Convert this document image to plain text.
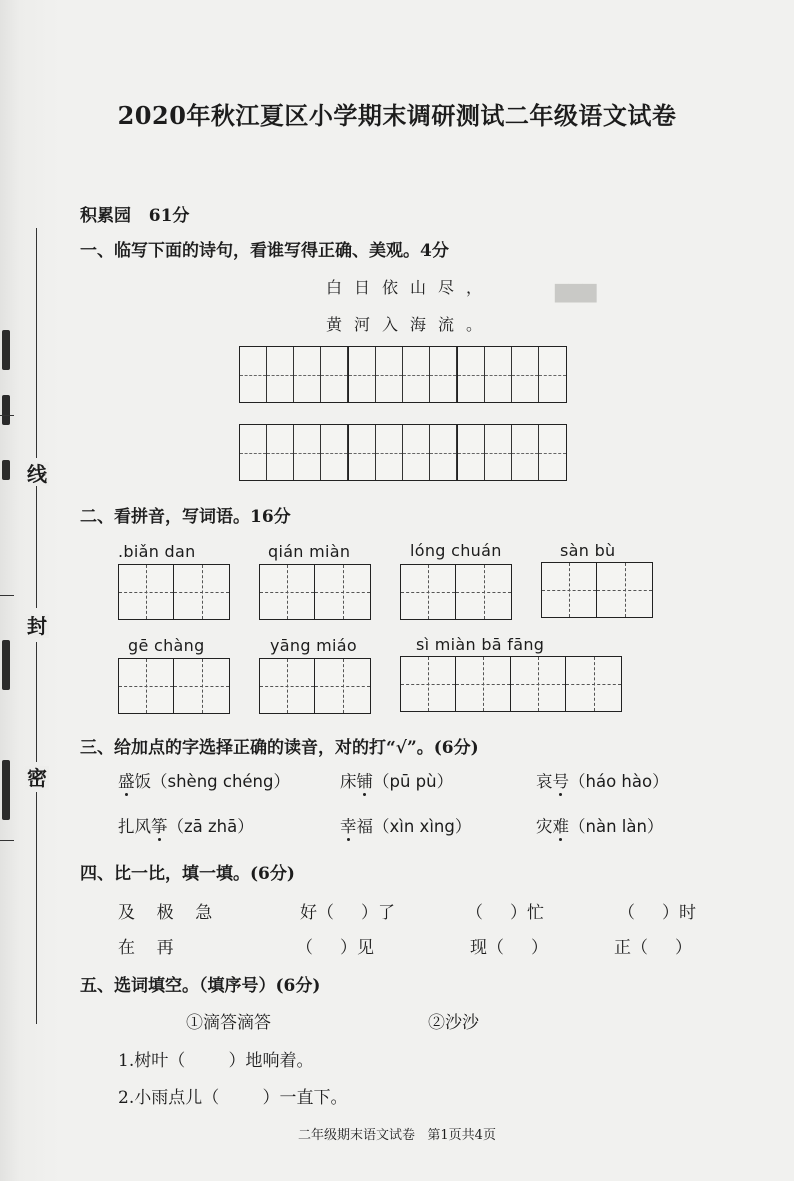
线
封
密
2020年秋江夏区小学期末调研测试二年级语文试卷
▇▇▇
积累园 61分
一、临写下面的诗句，看谁写得正确、美观。4分
白日依山尽，
黄河入海流。
二、看拼音，写词语。16分
.biǎn dan	qián miàn	lóng chuán	sàn bù
gē chàng	yāng miáo	sì miàn bā fāng
三、给加点的字选择正确的读音，对的打“√”。(6分)
盛饭（shèng chéng）	床铺（pū pù）	哀号（háo hào）
扎风筝（zā zhā）	幸福（xìn xìng）	灾难（nàn làn）
四、比一比，填一填。(6分)
及    极    急	好（     ）了	（     ）忙	（     ）时
在    再	（     ）见	现（     ）	正（     ）
五、选词填空。（填序号）(6分)
①滴答滴答	②沙沙
1.树叶（        ）地响着。
2.小雨点儿（        ）一直下。
二年级期末语文试卷   第1页共4页
